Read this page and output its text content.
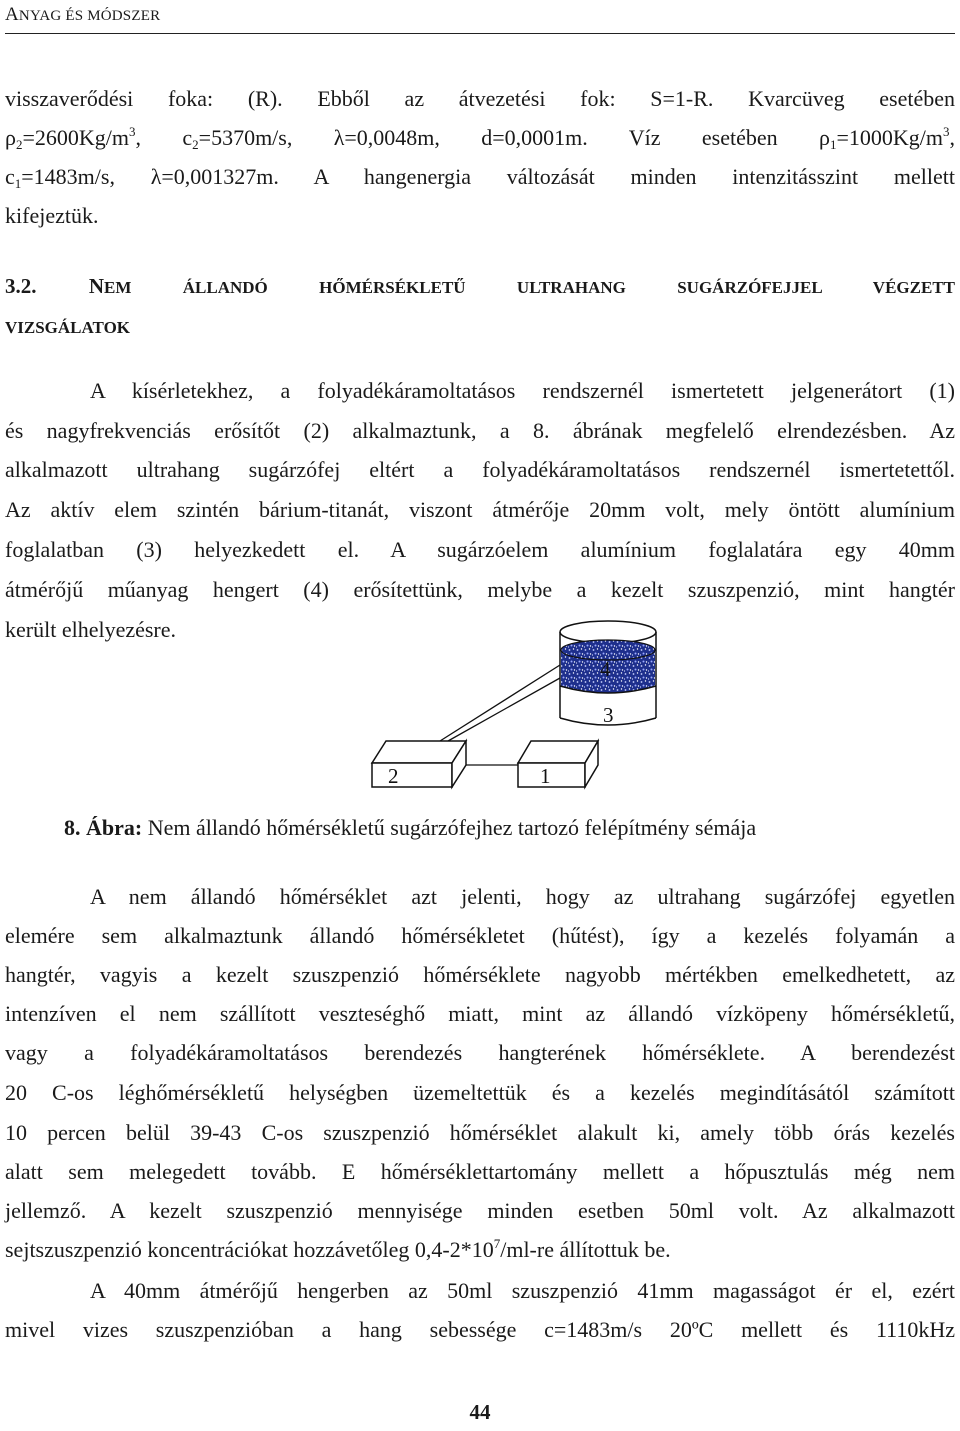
ANYAG ÉS MÓDSZER
visszaverődési foka: (R). Ebből az átvezetési fok: S=1-R. Kvarcüveg esetében
$\rho_2=2600Kg/m^3$, $c_2=5370m/s$, λ=0,0048m, d=0,0001m. Víz esetében $\rho_1=1000Kg/m^3$,
$c_1=1483m/s$, λ=0,001327m. A hangenergia változását minden intenzitásszint mellett
kifejeztük.
3.2. NEM ÁLLANDÓ HŐMÉRSÉKLETŰ ULTRAHANG SUGÁRZÓFEJJEL VÉGZETT
VIZSGÁLATOK
A kísérletekhez, a folyadékáramoltatásos rendszernél ismertetett jelgenerátort (1)
és nagyfrekvenciás erősítőt (2) alkalmaztunk, a 8. ábrának megfelelő elrendezésben. Az
alkalmazott ultrahang sugárzófej eltért a folyadékáramoltatásos rendszernél ismertetettől.
Az aktív elem szintén bárium-titanát, viszont átmérője 20mm volt, mely öntött alumínium
foglalatban (3) helyezkedett el. A sugárzóelem alumínium foglalatára egy 40mm
átmérőjű műanyag hengert (4) erősítettünk, melybe a kezelt szuszpenzió, mint hangtér
került elhelyezésre.
4
3
2	1
8. Ábra: Nem állandó hőmérsékletű sugárzófejhez tartozó felépítmény sémája
A nem állandó hőmérséklet azt jelenti, hogy az ultrahang sugárzófej egyetlen
elemére sem alkalmaztunk állandó hőmérsékletet (hűtést), így a kezelés folyamán a
hangtér, vagyis a kezelt szuszpenzió hőmérséklete nagyobb mértékben emelkedhetett, az
intenzíven el nem szállított veszteséghő miatt, mint az állandó vízköpeny hőmérsékletű,
vagy a folyadékáramoltatásos berendezés hangterének hőmérséklete. A berendezést
20 C-os léghőmérsékletű helységben üzemeltettük és a kezelés megindításától számított
10 percen belül 39-43 C-os szuszpenzió hőmérséklet alakult ki, amely több órás kezelés
alatt sem melegedett tovább. E hőmérséklettartomány mellett a hőpusztulás még nem
jellemző. A kezelt szuszpenzió mennyisége minden esetben 50ml volt. Az alkalmazott
sejtszuszpenzió koncentrációkat hozzávetőleg $0,4-2*10^7/ml-re$ állítottuk be.
A 40mm átmérőjű hengerben az 50ml szuszpenzió 41mm magasságot ér el, ezért
mivel vizes szuszpenzióban a hang sebessége c=1483m/s 20ºC mellett és 1110kHz
44
